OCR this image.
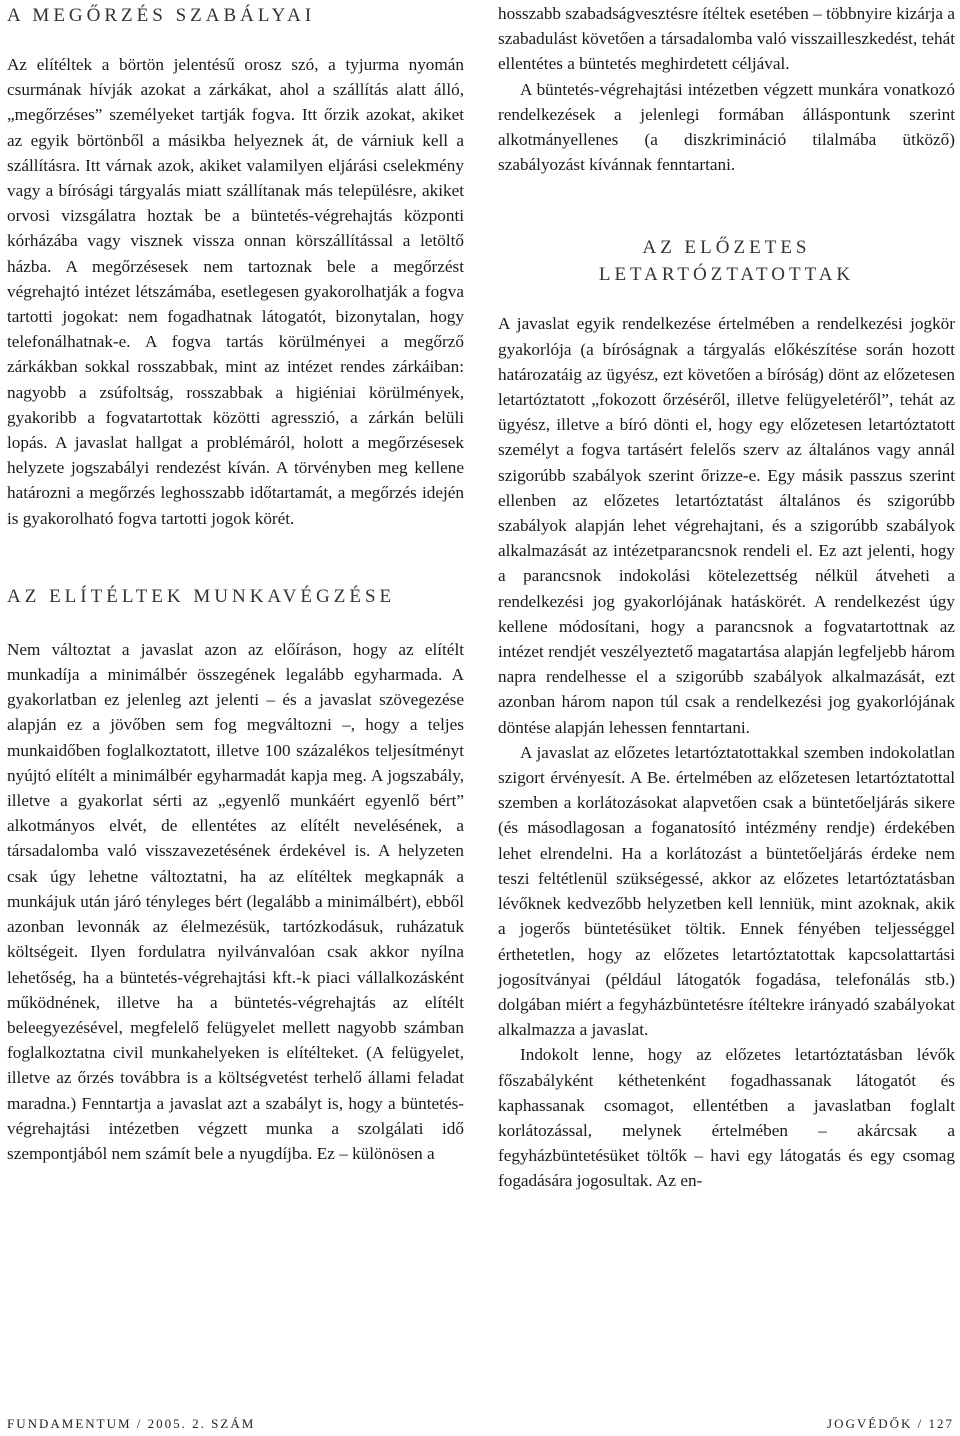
A MEGŐRZÉS SZABÁLYAI

Az elítéltek a börtön jelentésű orosz szó, a tyjurma nyomán csurmának hívják azokat a zárkákat, ahol a szállítás alatt álló, „megőrzéses” személyeket tartják fogva. Itt őrzik azokat, akiket az egyik börtönből a másikba helyeznek át, de várniuk kell a szállításra. Itt várnak azok, akiket valamilyen eljárási cselekmény vagy a bírósági tárgyalás miatt szállítanak más településre, akiket orvosi vizsgálatra hoztak be a büntetés-végrehajtás központi kórházába vagy visznek vissza onnan körszállítással a letöltő házba. A megőrzésesek nem tartoznak bele a megőrzést végrehajtó intézet létszámába, esetlegesen gyakorolhatják a fogva tartotti jogokat: nem fogadhatnak látogatót, bizonytalan, hogy telefonálhatnak-e. A fogva tartás körülményei a megőrző zárkákban sokkal rosszabbak, mint az intézet rendes zárkáiban: nagyobb a zsúfoltság, rosszabbak a higiéniai körülmények, gyakoribb a fogvatartottak közötti agresszió, a zárkán belüli lopás. A javaslat hallgat a problémáról, holott a megőrzésesek helyzete jogszabályi rendezést kíván. A törvényben meg kellene határozni a megőrzés leghosszabb időtartamát, a megőrzés idején is gyakorolható fogva tartotti jogok körét.

AZ ELÍTÉLTEK MUNKAVÉGZÉSE

Nem változtat a javaslat azon az előíráson, hogy az elítélt munkadíja a minimálbér összegének legalább egyharmada. A gyakorlatban ez jelenleg azt jelenti – és a javaslat szövegezése alapján ez a jövőben sem fog megváltozni –, hogy a teljes munkaidőben foglalkoztatott, illetve 100 százalékos teljesítményt nyújtó elítélt a minimálbér egyharmadát kapja meg. A jogszabály, illetve a gyakorlat sérti az „egyenlő munkáért egyenlő bért” alkotmányos elvét, de ellentétes az elítélt nevelésének, a társadalomba való visszavezetésének érdekével is. A helyzeten csak úgy lehetne változtatni, ha az elítéltek megkapnák a munkájuk után járó tényleges bért (legalább a minimálbért), ebből azonban levonnák az élelmezésük, tartózkodásuk, ruházatuk költségeit. Ilyen fordulatra nyilvánvalóan csak akkor nyílna lehetőség, ha a büntetés-végrehajtási kft.-k piaci vállalkozásként működnének, illetve ha a büntetés-végrehajtás az elítélt beleegyezésével, megfelelő felügyelet mellett nagyobb számban foglalkoztatna civil munkahelyeken is elítélteket. (A felügyelet, illetve az őrzés továbbra is a költségvetést terhelő állami feladat maradna.) Fenntartja a javaslat azt a szabályt is, hogy a büntetés-végrehajtási intézetben végzett munka a szolgálati idő szempontjából nem számít bele a nyugdíjba. Ez – különösen a

hosszabb szabadságvesztésre ítéltek esetében – többnyire kizárja a szabadulást követően a társadalomba való visszailleszkedést, tehát ellentétes a büntetés meghirdetett céljával.

A büntetés-végrehajtási intézetben végzett munkára vonatkozó rendelkezések a jelenlegi formában álláspontunk szerint alkotmányellenes (a diszkrimináció tilalmába ütköző) szabályozást kívánnak fenntartani.

AZ ELŐZETES
LETARTÓZTATOTTAK

A javaslat egyik rendelkezése értelmében a rendelkezési jogkör gyakorlója (a bíróságnak a tárgyalás előkészítése során hozott határozatáig az ügyész, ezt követően a bíróság) dönt az előzetesen letartóztatott „fokozott őrzéséről, illetve felügyeletéről”, tehát az ügyész, illetve a bíró dönti el, hogy egy előzetesen letartóztatott személyt a fogva tartásért felelős szerv az általános vagy annál szigorúbb szabályok szerint őrizze-e. Egy másik passzus szerint ellenben az előzetes letartóztatást általános és szigorúbb szabályok alapján lehet végrehajtani, és a szigorúbb szabályok alkalmazását az intézetparancsnok rendeli el. Ez azt jelenti, hogy a parancsnok indokolási kötelezettség nélkül átveheti a rendelkezési jog gyakorlójának hatáskörét. A rendelkezést úgy kellene módosítani, hogy a parancsnok a fogvatartottnak az intézet rendjét veszélyeztető magatartása alapján legfeljebb három napra rendelhesse el a szigorúbb szabályok alkalmazását, ezt azonban három napon túl csak a rendelkezési jog gyakorlójának döntése alapján lehessen fenntartani.

A javaslat az előzetes letartóztatottakkal szemben indokolatlan szigort érvényesít. A Be. értelmében az előzetesen letartóztatottal szemben a korlátozásokat alapvetően csak a büntetőeljárás sikere (és másodlagosan a foganatosító intézmény rendje) érdekében lehet elrendelni. Ha a korlátozást a büntetőeljárás érdeke nem teszi feltétlenül szükségessé, akkor az előzetes letartóztatásban lévőknek kedvezőbb helyzetben kell lenniük, mint azoknak, akik a jogerős büntetésüket töltik. Ennek fényében teljességgel érthetetlen, hogy az előzetes letartóztatottak kapcsolattartási jogosítványai (például látogatók fogadása, telefonálás stb.) dolgában miért a fegyházbüntetésre ítéltekre irányadó szabályokat alkalmazza a javaslat.

Indokolt lenne, hogy az előzetes letartóztatásban lévők főszabályként kéthetenként fogadhassanak látogatót és kaphassanak csomagot, ellentétben a javaslatban foglalt korlátozással, melynek értelmében – akárcsak a fegyházbüntetésüket töltők – havi egy látogatás és egy csomag fogadására jogosultak. Az en-

FUNDAMENTUM / 2005. 2. SZÁM	JOGVÉDŐK / 127
